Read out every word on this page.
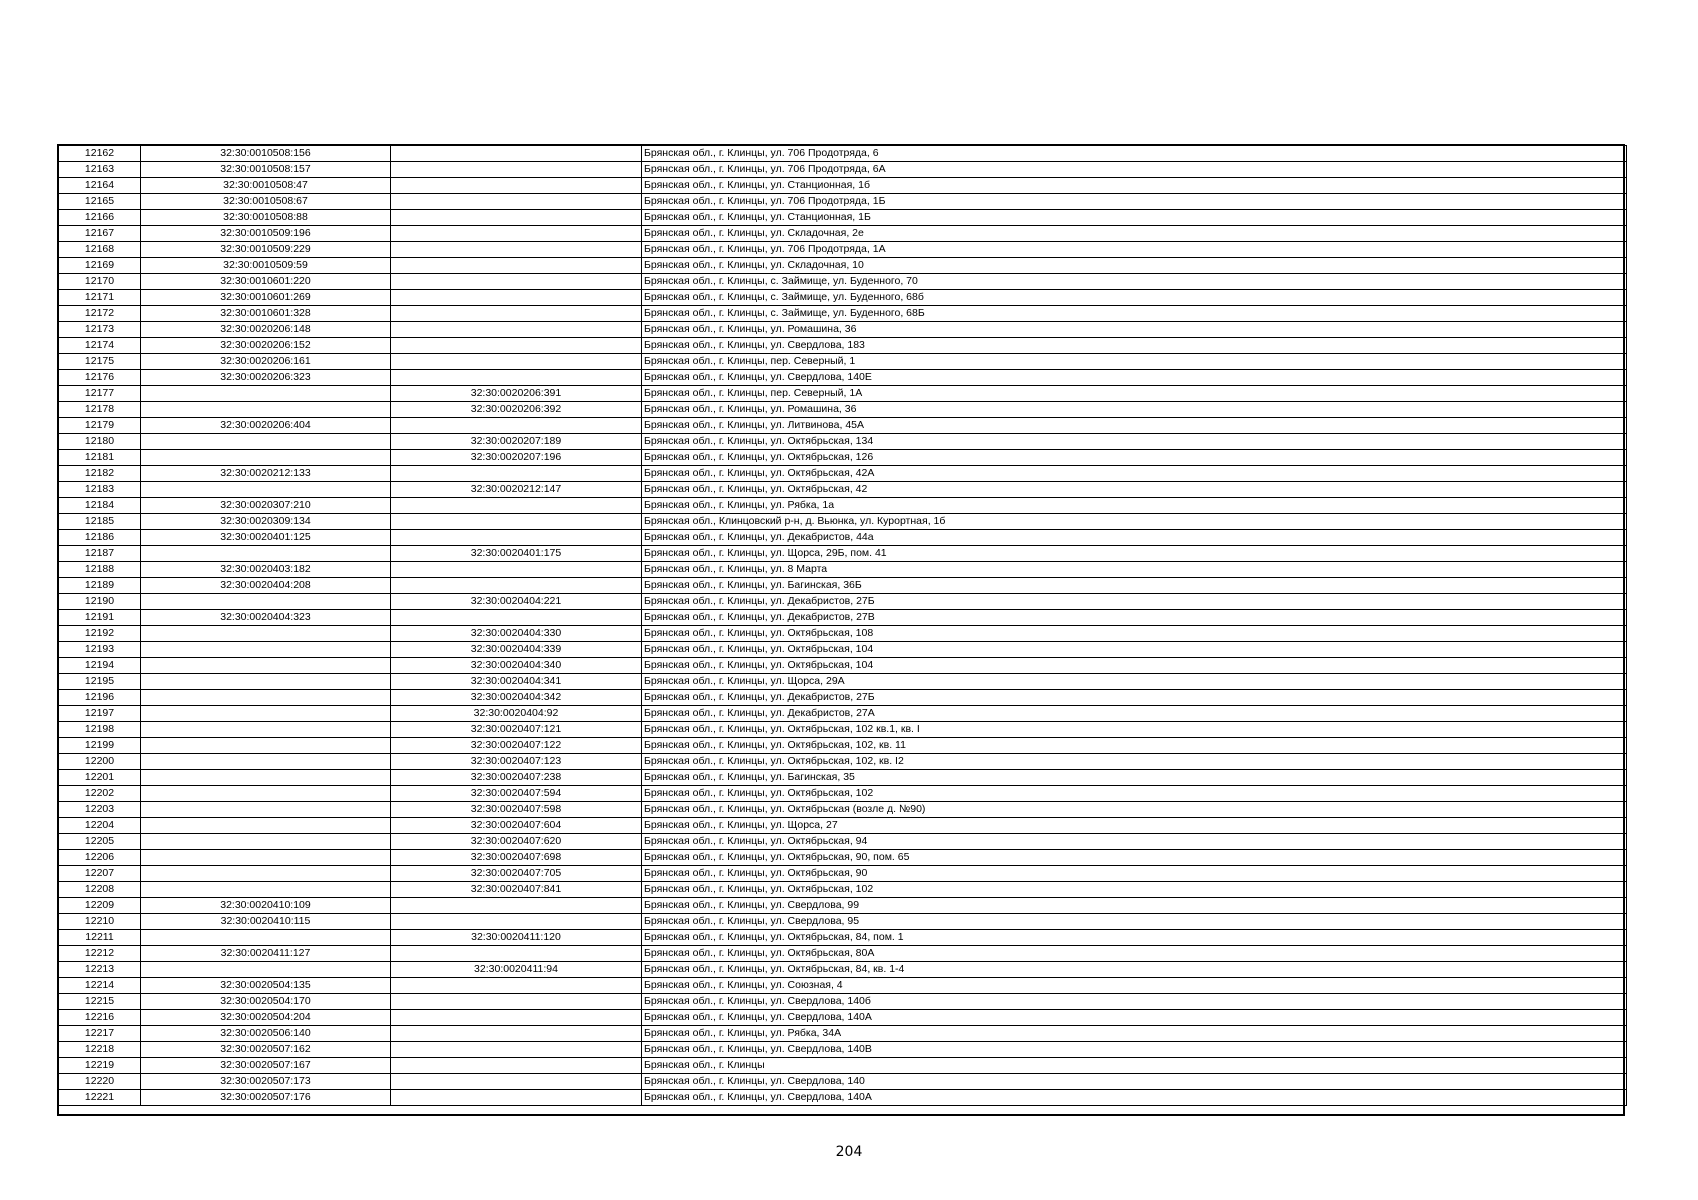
12162	32:30:0010508:156		Брянская обл., г. Клинцы, ул. 706 Продотряда, 6
12163	32:30:0010508:157		Брянская обл., г. Клинцы, ул. 706 Продотряда, 6А
12164	32:30:0010508:47		Брянская обл., г. Клинцы, ул. Станционная, 1б
12165	32:30:0010508:67		Брянская обл., г. Клинцы, ул. 706 Продотряда, 1Б
12166	32:30:0010508:88		Брянская обл., г. Клинцы, ул. Станционная, 1Б
12167	32:30:0010509:196		Брянская обл., г. Клинцы, ул. Складочная, 2е
12168	32:30:0010509:229		Брянская обл., г. Клинцы, ул. 706 Продотряда, 1А
12169	32:30:0010509:59		Брянская обл., г. Клинцы, ул. Складочная, 10
12170	32:30:0010601:220		Брянская обл., г. Клинцы, с. Займище, ул. Буденного, 70
12171	32:30:0010601:269		Брянская обл., г. Клинцы, с. Займище, ул. Буденного, 68б
12172	32:30:0010601:328		Брянская обл., г. Клинцы, с. Займище, ул. Буденного, 68Б
12173	32:30:0020206:148		Брянская обл., г. Клинцы, ул. Ромашина, 36
12174	32:30:0020206:152		Брянская обл., г. Клинцы, ул. Свердлова, 183
12175	32:30:0020206:161		Брянская обл., г. Клинцы, пер. Северный, 1
12176	32:30:0020206:323		Брянская обл., г. Клинцы, ул. Свердлова, 140Е
12177		32:30:0020206:391	Брянская обл., г. Клинцы, пер. Северный, 1А
12178		32:30:0020206:392	Брянская обл., г. Клинцы, ул. Ромашина, 36
12179	32:30:0020206:404		Брянская обл., г. Клинцы, ул. Литвинова, 45А
12180		32:30:0020207:189	Брянская обл., г. Клинцы, ул. Октябрьская, 134
12181		32:30:0020207:196	Брянская обл., г. Клинцы, ул. Октябрьская, 126
12182	32:30:0020212:133		Брянская обл., г. Клинцы, ул. Октябрьская, 42А
12183		32:30:0020212:147	Брянская обл., г. Клинцы, ул. Октябрьская, 42
12184	32:30:0020307:210		Брянская обл., г. Клинцы, ул. Рябка, 1а
12185	32:30:0020309:134		Брянская обл., Клинцовский р-н, д. Вьюнка, ул. Курортная, 1б
12186	32:30:0020401:125		Брянская обл., г. Клинцы, ул. Декабристов, 44а
12187		32:30:0020401:175	Брянская обл., г. Клинцы, ул. Щорса, 29Б, пом. 41
12188	32:30:0020403:182		Брянская обл., г. Клинцы, ул. 8 Марта
12189	32:30:0020404:208		Брянская обл., г. Клинцы, ул. Багинская, 36Б
12190		32:30:0020404:221	Брянская обл., г. Клинцы, ул. Декабристов, 27Б
12191	32:30:0020404:323		Брянская обл., г. Клинцы, ул. Декабристов, 27В
12192		32:30:0020404:330	Брянская обл., г. Клинцы, ул. Октябрьская, 108
12193		32:30:0020404:339	Брянская обл., г. Клинцы, ул. Октябрьская, 104
12194		32:30:0020404:340	Брянская обл., г. Клинцы, ул. Октябрьская, 104
12195		32:30:0020404:341	Брянская обл., г. Клинцы, ул. Щорса, 29А
12196		32:30:0020404:342	Брянская обл., г. Клинцы, ул. Декабристов, 27Б
12197		32:30:0020404:92	Брянская обл., г. Клинцы, ул. Декабристов, 27А
12198		32:30:0020407:121	Брянская обл., г. Клинцы, ул. Октябрьская, 102 кв.1, кв. I
12199		32:30:0020407:122	Брянская обл., г. Клинцы, ул. Октябрьская, 102, кв. 11
12200		32:30:0020407:123	Брянская обл., г. Клинцы, ул. Октябрьская, 102, кв. I2
12201		32:30:0020407:238	Брянская обл., г. Клинцы, ул. Багинская, 35
12202		32:30:0020407:594	Брянская обл., г. Клинцы, ул. Октябрьская, 102
12203		32:30:0020407:598	Брянская обл., г. Клинцы, ул. Октябрьская (возле д. №90)
12204		32:30:0020407:604	Брянская обл., г. Клинцы, ул. Щорса, 27
12205		32:30:0020407:620	Брянская обл., г. Клинцы, ул. Октябрьская, 94
12206		32:30:0020407:698	Брянская обл., г. Клинцы, ул. Октябрьская, 90, пом. 65
12207		32:30:0020407:705	Брянская обл., г. Клинцы, ул. Октябрьская, 90
12208		32:30:0020407:841	Брянская обл., г. Клинцы, ул. Октябрьская, 102
12209	32:30:0020410:109		Брянская обл., г. Клинцы, ул. Свердлова, 99
12210	32:30:0020410:115		Брянская обл., г. Клинцы, ул. Свердлова, 95
12211		32:30:0020411:120	Брянская обл., г. Клинцы, ул. Октябрьская, 84, пом. 1
12212	32:30:0020411:127		Брянская обл., г. Клинцы, ул. Октябрьская, 80А
12213		32:30:0020411:94	Брянская обл., г. Клинцы, ул. Октябрьская, 84, кв. 1-4
12214	32:30:0020504:135		Брянская обл., г. Клинцы, ул. Союзная, 4
12215	32:30:0020504:170		Брянская обл., г. Клинцы, ул. Свердлова, 140б
12216	32:30:0020504:204		Брянская обл., г. Клинцы, ул. Свердлова, 140А
12217	32:30:0020506:140		Брянская обл., г. Клинцы, ул. Рябка, 34А
12218	32:30:0020507:162		Брянская обл., г. Клинцы, ул. Свердлова, 140В
12219	32:30:0020507:167		Брянская обл., г. Клинцы
12220	32:30:0020507:173		Брянская обл., г. Клинцы, ул. Свердлова, 140
12221	32:30:0020507:176		Брянская обл., г. Клинцы, ул. Свердлова, 140А
204
